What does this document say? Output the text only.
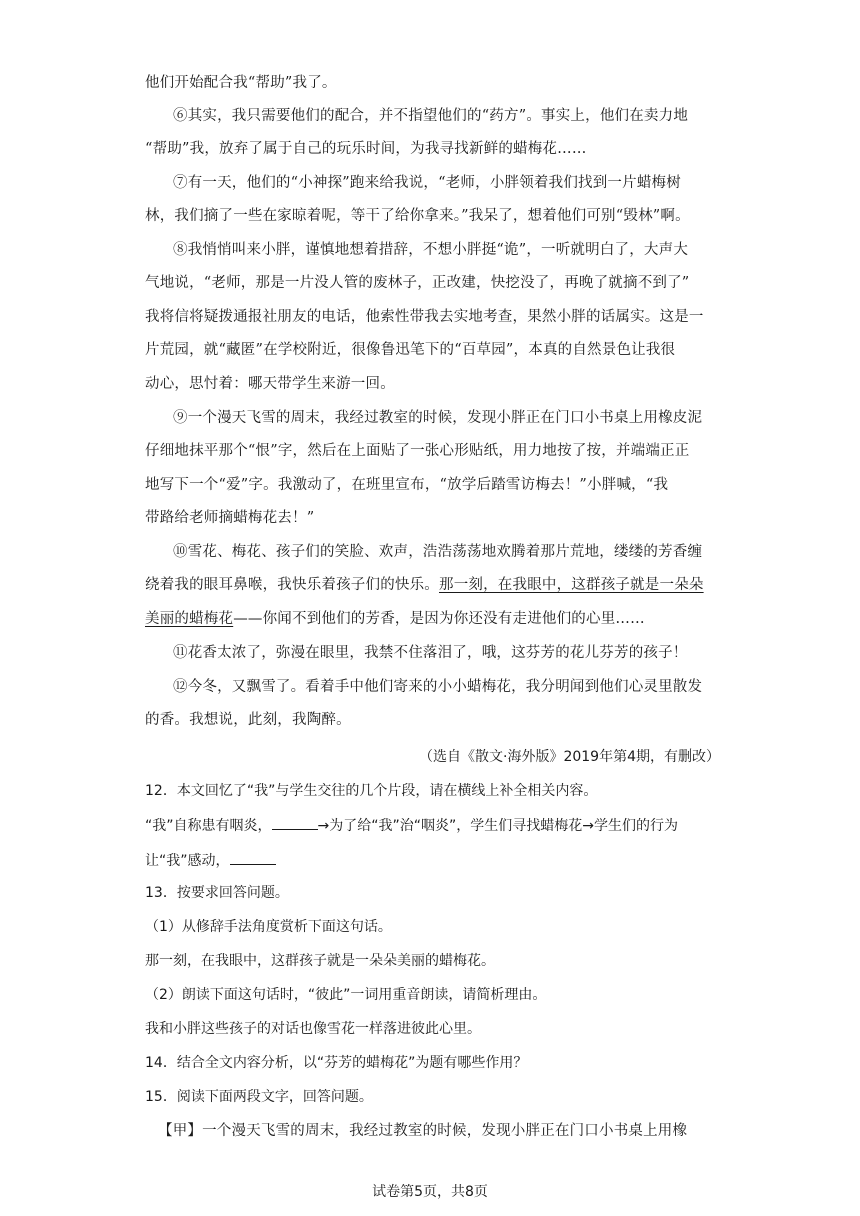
他们开始配合我“帮助”我了。
⑥其实，我只需要他们的配合，并不指望他们的“药方”。事实上，他们在卖力地
“帮助”我，放弃了属于自己的玩乐时间，为我寻找新鲜的蜡梅花……
⑦有一天，他们的“小神探”跑来给我说，“老师，小胖领着我们找到一片蜡梅树
林，我们摘了一些在家晾着呢，等干了给你拿来。”我呆了，想着他们可别“毁林”啊。
⑧我悄悄叫来小胖，谨慎地想着措辞，不想小胖挺“诡”，一听就明白了，大声大
气地说，“老师，那是一片没人管的废林子，正改建，快挖没了，再晚了就摘不到了”
我将信将疑拨通报社朋友的电话，他索性带我去实地考查，果然小胖的话属实。这是一
片荒园，就“藏匿”在学校附近，很像鲁迅笔下的“百草园”，本真的自然景色让我很
动心，思忖着：哪天带学生来游一回。
⑨一个漫天飞雪的周末，我经过教室的时候，发现小胖正在门口小书桌上用橡皮泥
仔细地抹平那个“恨”字，然后在上面贴了一张心形贴纸，用力地按了按，并端端正正
地写下一个“爱”字。我激动了，在班里宣布，“放学后踏雪访梅去！”小胖喊，“我
带路给老师摘蜡梅花去！”
⑩雪花、梅花、孩子们的笑脸、欢声，浩浩荡荡地欢腾着那片荒地，缕缕的芳香缠
绕着我的眼耳鼻喉，我快乐着孩子们的快乐。那一刻，在我眼中，这群孩子就是一朵朵
美丽的蜡梅花——你闻不到他们的芳香，是因为你还没有走进他们的心里……
⑪花香太浓了，弥漫在眼里，我禁不住落泪了，哦，这芬芳的花儿芬芳的孩子！
⑫今冬，又飘雪了。看着手中他们寄来的小小蜡梅花，我分明闻到他们心灵里散发
的香。我想说，此刻，我陶醉。
（选自《散文·海外版》2019年第4期，有删改）
12．本文回忆了“我”与学生交往的几个片段，请在横线上补全相关内容。
“我”自称患有咽炎，	→为了给“我”治“咽炎”，学生们寻找蜡梅花→学生们的行为
让“我”感动，
13．按要求回答问题。
（1）从修辞手法角度赏析下面这句话。
那一刻，在我眼中，这群孩子就是一朵朵美丽的蜡梅花。
（2）朗读下面这句话时，“彼此”一词用重音朗读，请简析理由。
我和小胖这些孩子的对话也像雪花一样落进彼此心里。
14．结合全文内容分析，以“芬芳的蜡梅花”为题有哪些作用？
15．阅读下面两段文字，回答问题。
【甲】一个漫天飞雪的周末，我经过教室的时候，发现小胖正在门口小书桌上用橡
试卷第5页，共8页
